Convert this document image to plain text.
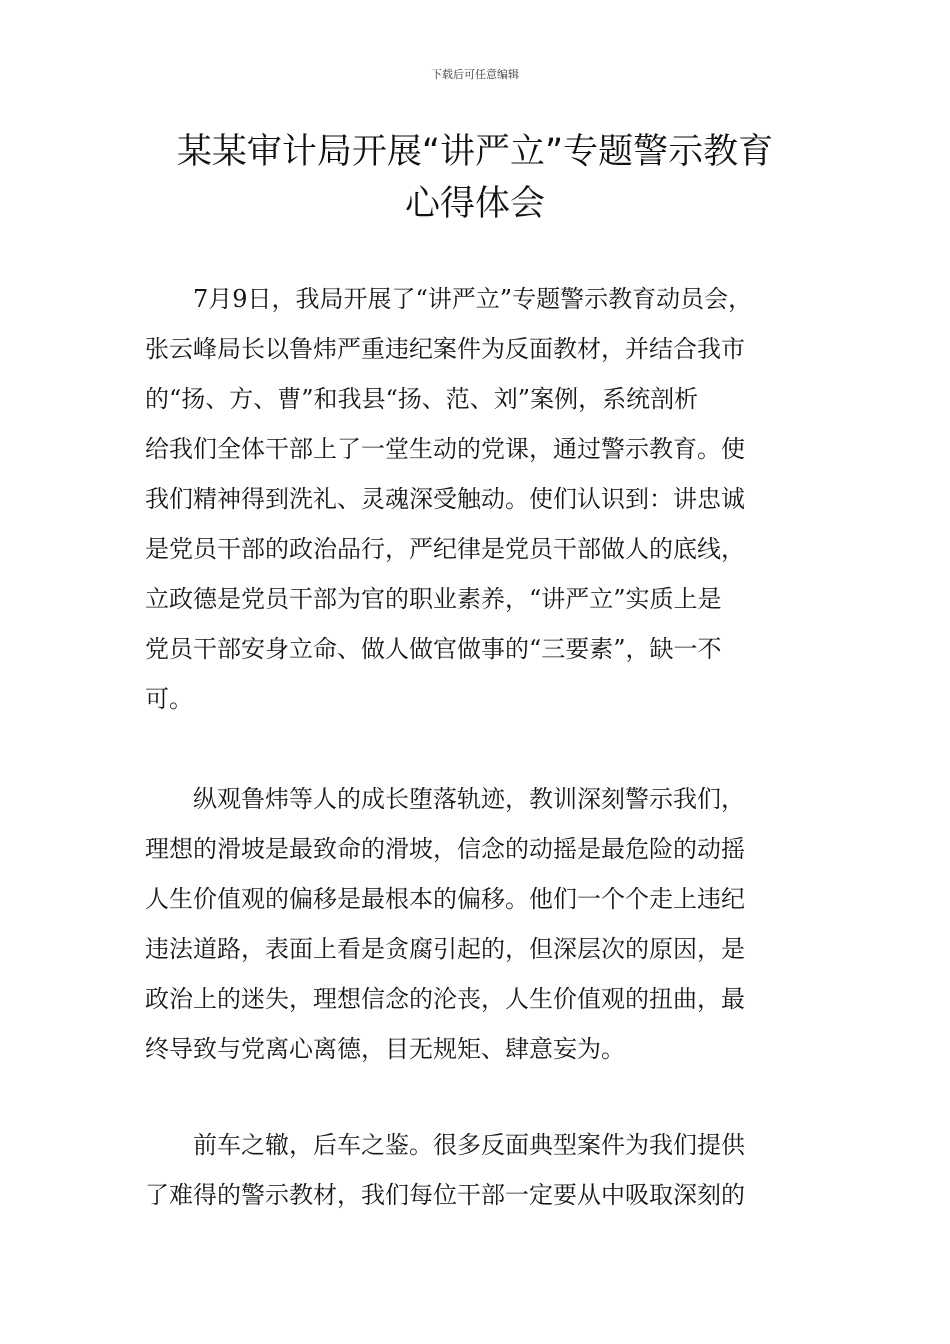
下载后可任意编辑
某某审计局开展“讲严立”专题警示教育
心得体会
7月9日，我局开展了“讲严立”专题警示教育动员会，
张云峰局长以鲁炜严重违纪案件为反面教材，并结合我市
的“扬、方、曹”和我县“扬、范、刘”案例，系统剖析
给我们全体干部上了一堂生动的党课，通过警示教育。使
我们精神得到洗礼、灵魂深受触动。使们认识到：讲忠诚
是党员干部的政治品行，严纪律是党员干部做人的底线，
立政德是党员干部为官的职业素养，“讲严立”实质上是
党员干部安身立命、做人做官做事的“三要素”，缺一不
可。
纵观鲁炜等人的成长堕落轨迹，教训深刻警示我们，
理想的滑坡是最致命的滑坡，信念的动摇是最危险的动摇
人生价值观的偏移是最根本的偏移。他们一个个走上违纪
违法道路，表面上看是贪腐引起的，但深层次的原因，是
政治上的迷失，理想信念的沦丧，人生价值观的扭曲，最
终导致与党离心离德，目无规矩、肆意妄为。
前车之辙，后车之鉴。很多反面典型案件为我们提供
了难得的警示教材，我们每位干部一定要从中吸取深刻的
